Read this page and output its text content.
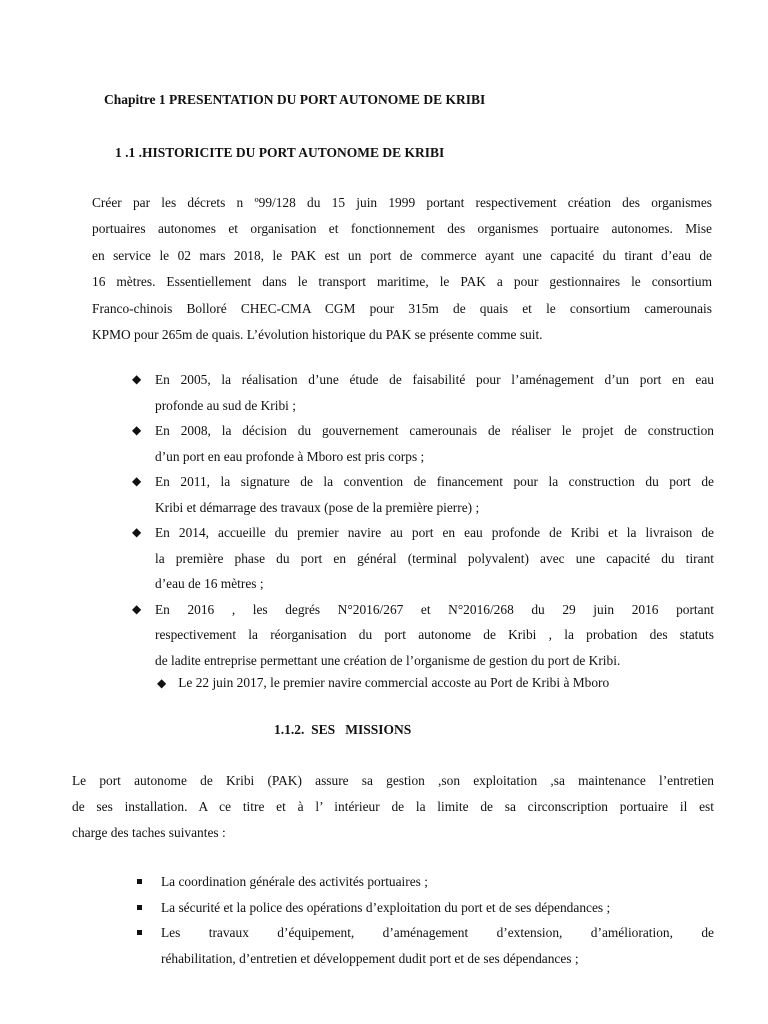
Chapitre 1 PRESENTATION DU PORT AUTONOME DE KRIBI
1 .1 .HISTORICITE DU PORT AUTONOME DE KRIBI
Créer par les décrets n º99/128 du 15 juin 1999 portant respectivement création des organismes
portuaires autonomes et organisation et fonctionnement des organismes portuaire autonomes. Mise
en service le 02 mars 2018, le PAK est un port de commerce ayant une capacité du tirant d’eau de
16 mètres. Essentiellement dans le transport maritime, le PAK a pour gestionnaires le consortium
Franco-chinois Bolloré CHEC-CMA CGM pour 315m de quais et le consortium camerounais
KPMO pour 265m de quais. L’évolution historique du PAK se présente comme suit.
◆ En 2005, la réalisation d’une étude de faisabilité pour l’aménagement d’un port en eau
profonde au sud de Kribi ;
◆ En 2008, la décision du gouvernement camerounais de réaliser le projet de construction
d’un port en eau profonde à Mboro est pris corps ;
◆ En 2011, la signature de la convention de financement pour la construction du port de
Kribi et démarrage des travaux (pose de la première pierre) ;
◆ En 2014, accueille du premier navire au port en eau profonde de Kribi et la livraison de
la première phase du port en général (terminal polyvalent) avec une capacité du tirant
d’eau de 16 mètres ;
◆ En 2016 , les degrés N°2016/267 et N°2016/268 du 29 juin 2016 portant
respectivement la réorganisation du port autonome de Kribi , la probation des statuts
de ladite entreprise permettant une création de l’organisme de gestion du port de Kribi.
◆ Le 22 juin 2017, le premier navire commercial accoste au Port de Kribi à Mboro
1.1.2.  SES   MISSIONS
Le port autonome de Kribi (PAK) assure sa gestion ,son exploitation ,sa maintenance l’entretien
de ses installation. A ce titre et à l’ intérieur de la limite de sa circonscription portuaire il est
charge des taches suivantes :
La coordination générale des activités portuaires ;
La sécurité et la police des opérations d’exploitation du port et de ses dépendances ;
Les travaux d’équipement, d’aménagement d’extension, d’amélioration, de
réhabilitation, d’entretien et développement dudit port et de ses dépendances ;
